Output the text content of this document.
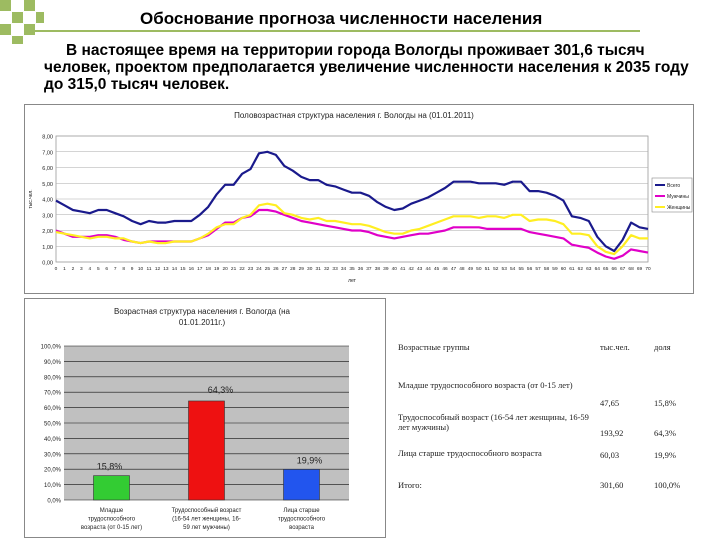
Обоснование прогноза численности населения
В настоящее время на территории города Вологды проживает 301,6 тысяч человек, проектом предполагается увеличение численности населения к 2035 году до 315,0 тысяч человек.
Половозрастная структура населения г. Вологды на (01.01.2011)
0,00
1,00
2,00
3,00
4,00
5,00
6,00
7,00
8,00
0 1 2 3 4 5 6 7 8 9 10 11 12 13 14 15 16 17 18 19 20 21 22 23 24 25 26 27 28 29 30 31 32 33 34 35 36 37 38 39 40 41 42 43 44 45 46 47 48 49 50 51 52 53 54 55 56 57 58 59 60 61 62 63 64 65 66 67 68 69 70
лет
тыс.чел.
Всего
Мужчины
Женщины
Возрастная структура населения г. Вологда (на
01.01.2011г.)
0,0%
10,0%
20,0%
30,0%
40,0%
50,0%
60,0%
70,0%
80,0%
90,0%
100,0%
15,8%
Младше
трудоспособного
возраста (от 0-15 лет)
64,3%
Трудоспособный возраст
(16-54 лет женщины, 16-
59 лет мужчины)
19,9%
Лица старше
трудоспособного
возраста
Возрастные группы	тыс.чел.	доля
Младше трудоспособного возраста (от 0-15 лет)
47,65	15,8%
Трудоспособный возраст (16-54 лет женщины, 16-59 лет мужчины)
193,92	64,3%
Лица старше трудоспособного возраста	60,03	19,9%
Итого:	301,60	100,0%
